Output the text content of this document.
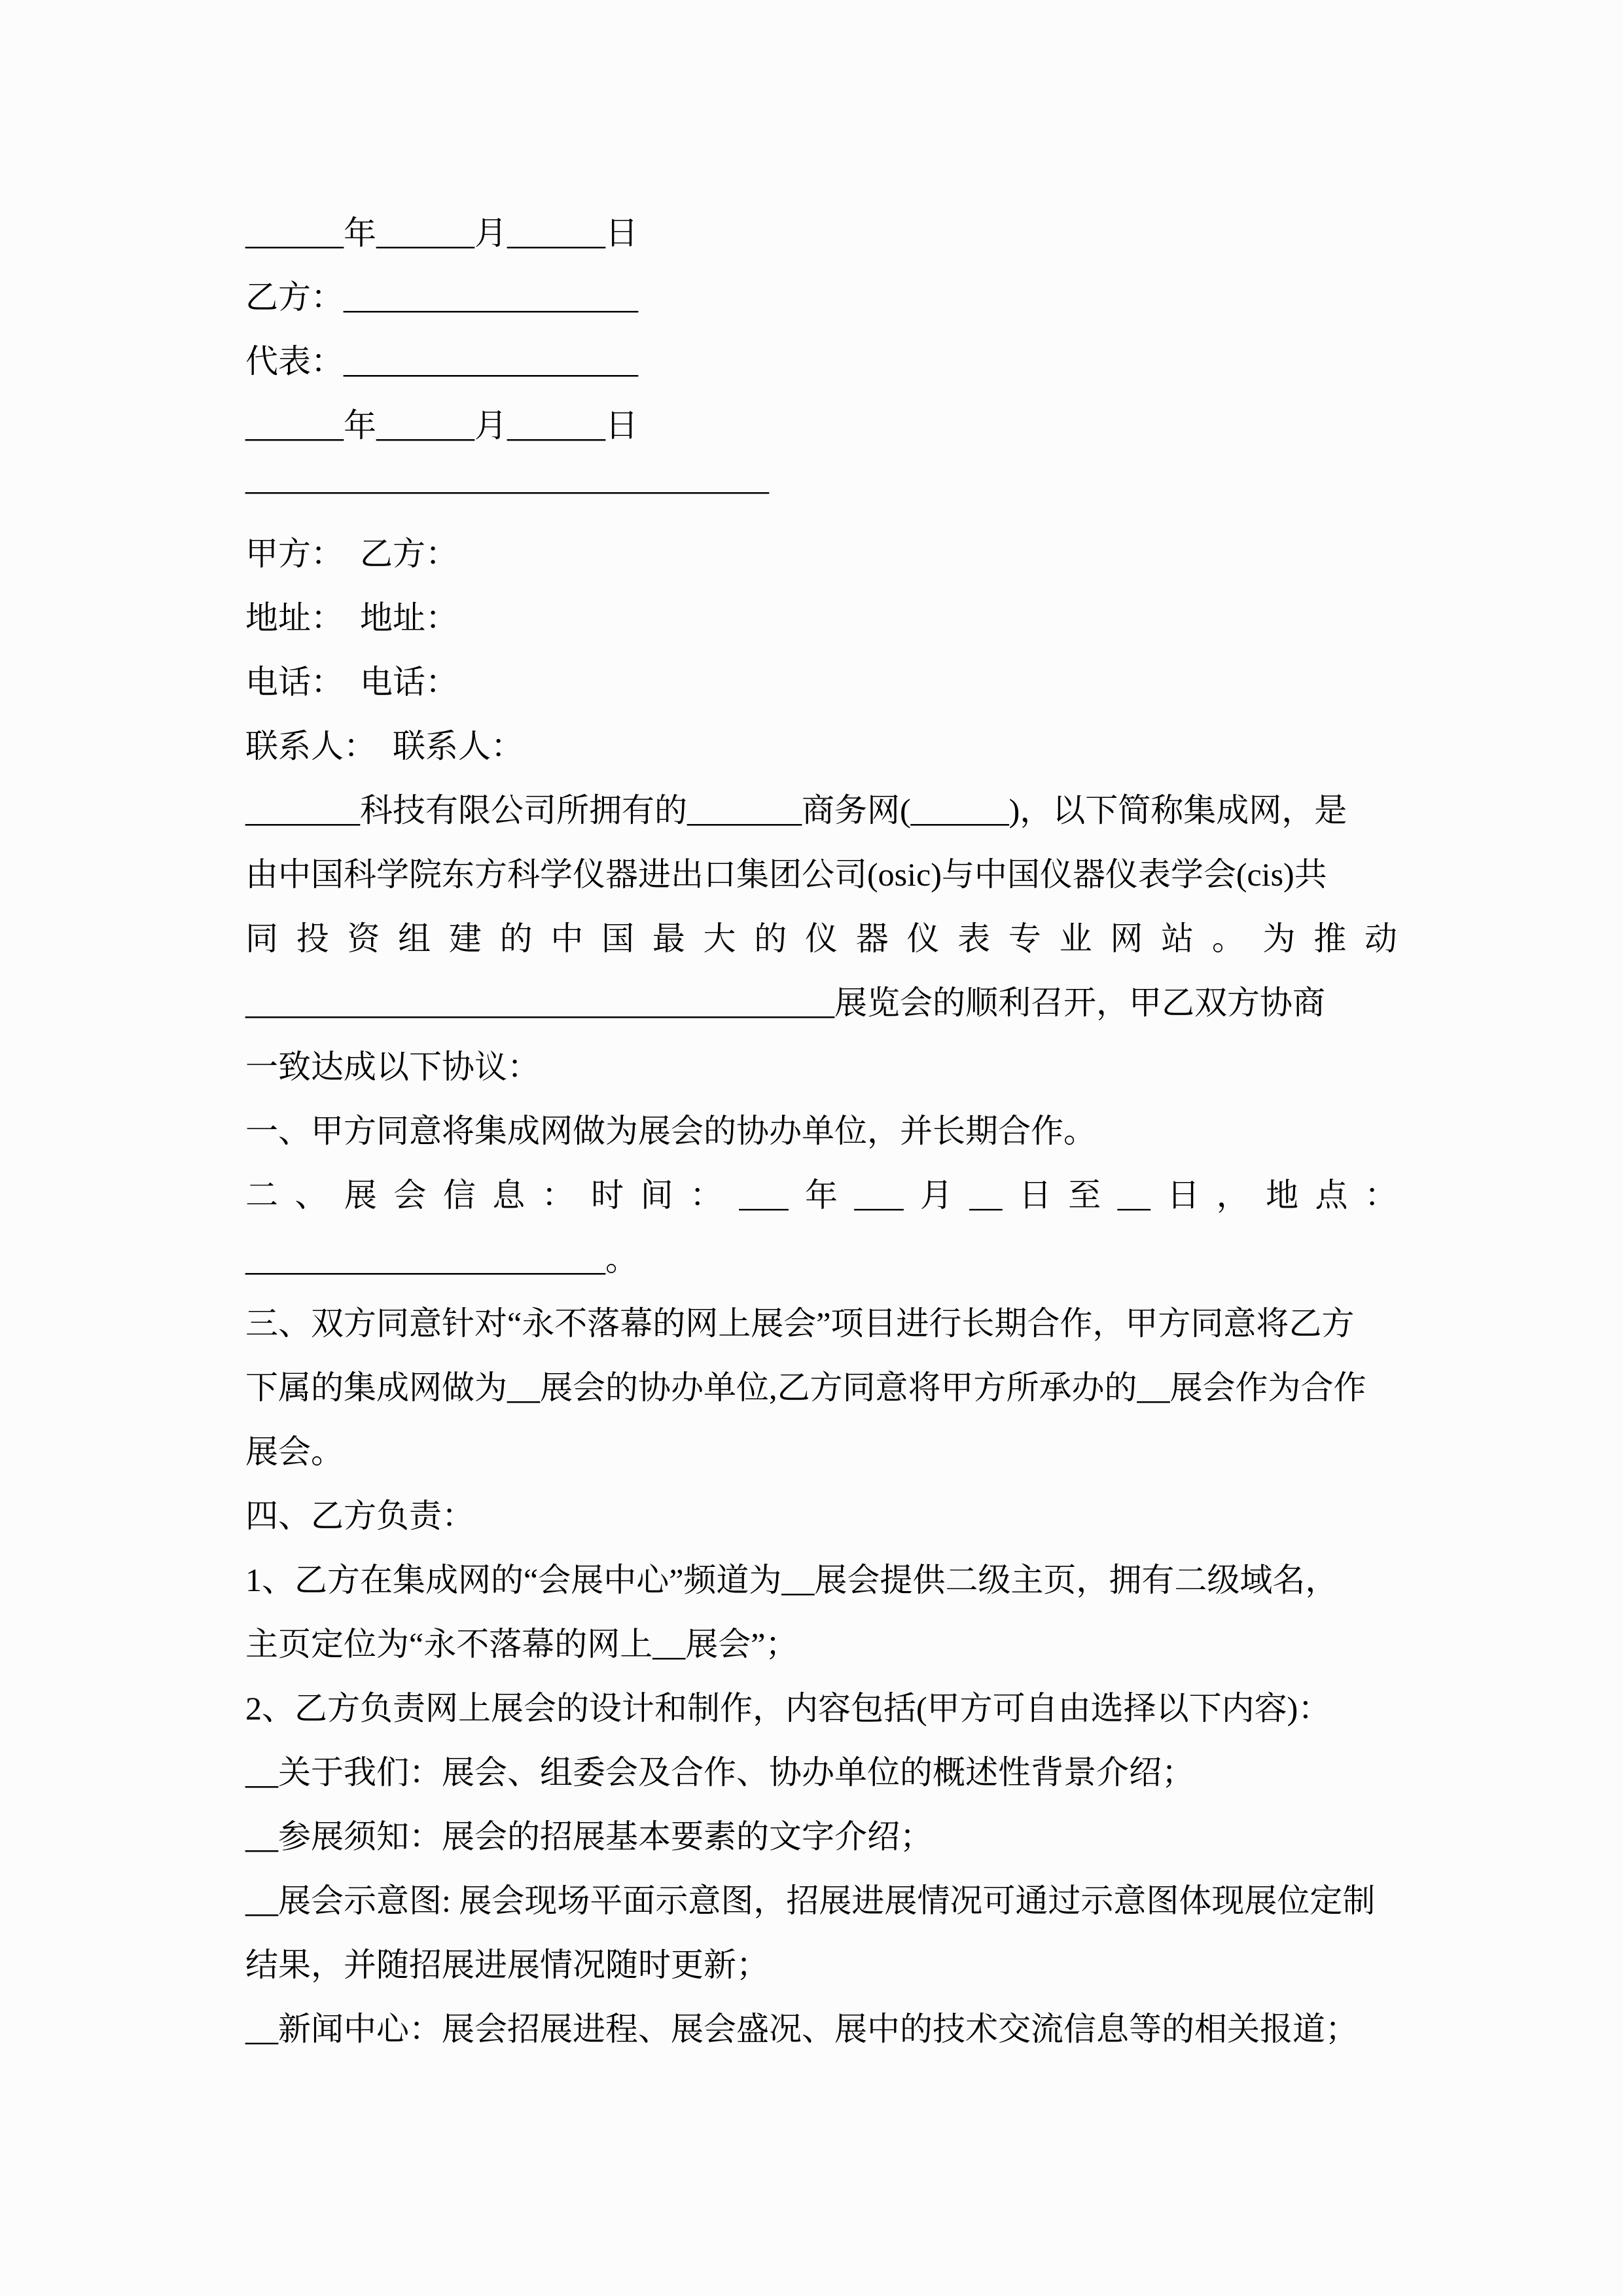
______年______月______日

乙方：__________________

代表：__________________

______年______月______日

————————————————

甲方：　乙方：

地址：　地址：

电话：　电话：

联系人：　联系人：

_______科技有限公司所拥有的_______商务网(______)，以下简称集成网，是

由中国科学院东方科学仪器进出口集团公司(osic)与中国仪器仪表学会(cis)共

同投资组建的中国最大的仪器仪表专业网站。为推动

____________________________________展览会的顺利召开，甲乙双方协商

一致达成以下协议：

一、甲方同意将集成网做为展会的协办单位，并长期合作。

二、展会信息：时间：___年___月__日至__日，地点：

______________________。

三、双方同意针对“永不落幕的网上展会”项目进行长期合作，甲方同意将乙方

下属的集成网做为__展会的协办单位,乙方同意将甲方所承办的__展会作为合作

展会。

四、乙方负责：

1、乙方在集成网的“会展中心”频道为__展会提供二级主页，拥有二级域名，

主页定位为“永不落幕的网上__展会”；

2、乙方负责网上展会的设计和制作，内容包括(甲方可自由选择以下内容)：

__关于我们：展会、组委会及合作、协办单位的概述性背景介绍；

__参展须知：展会的招展基本要素的文字介绍；

__展会示意图: 展会现场平面示意图，招展进展情况可通过示意图体现展位定制

结果，并随招展进展情况随时更新；

__新闻中心：展会招展进程、展会盛况、展中的技术交流信息等的相关报道；
